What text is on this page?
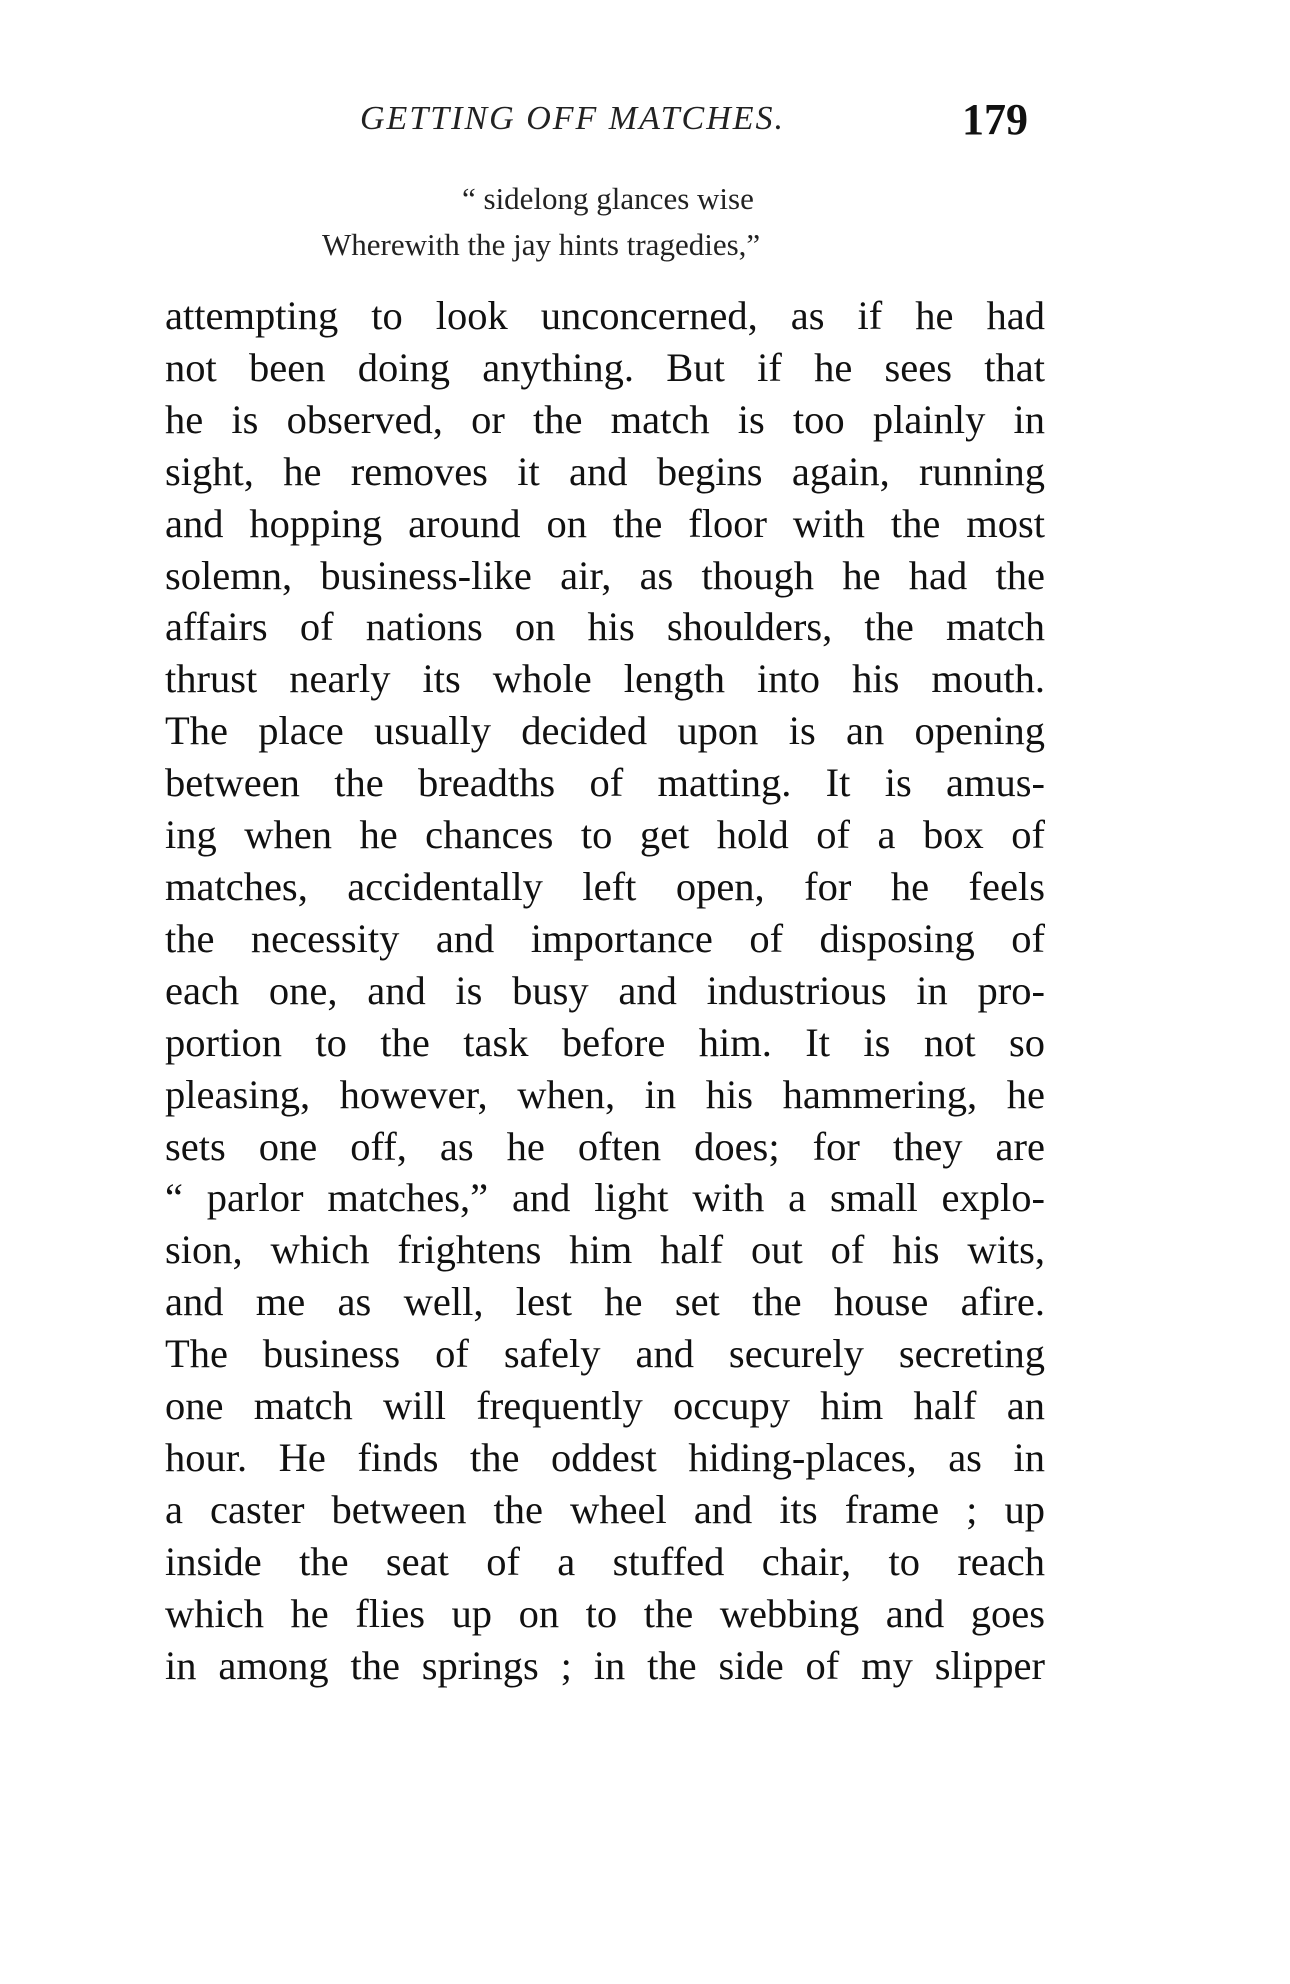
GETTING OFF MATCHES.	179
“ sidelong glances wise
Wherewith the jay hints tragedies,”
attempting to look unconcerned, as if he had
not been doing anything. But if he sees that
he is observed, or the match is too plainly in
sight, he removes it and begins again, running
and hopping around on the floor with the most
solemn, business-like air, as though he had the
affairs of nations on his shoulders, the match
thrust nearly its whole length into his mouth.
The place usually decided upon is an opening
between the breadths of matting. It is amus-
ing when he chances to get hold of a box of
matches, accidentally left open, for he feels
the necessity and importance of disposing of
each one, and is busy and industrious in pro-
portion to the task before him. It is not so
pleasing, however, when, in his hammering, he
sets one off, as he often does; for they are
“ parlor matches,” and light with a small explo-
sion, which frightens him half out of his wits,
and me as well, lest he set the house afire.
The business of safely and securely secreting
one match will frequently occupy him half an
hour. He finds the oddest hiding-places, as in
a caster between the wheel and its frame ; up
inside the seat of a stuffed chair, to reach
which he flies up on to the webbing and goes
in among the springs ; in the side of my slipper
